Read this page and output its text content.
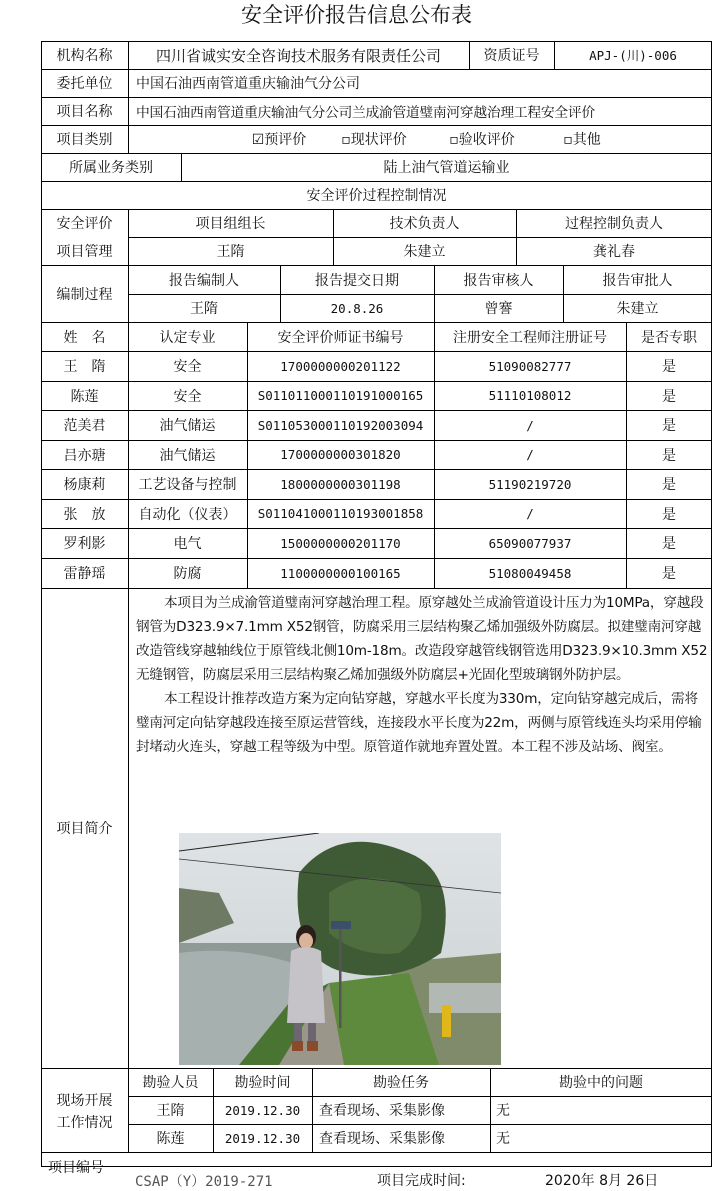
安全评价报告信息公布表
机构名称	四川省诚实安全咨询技术服务有限责任公司	资质证号	APJ-(川)-006
委托单位	中国石油西南管道重庆输油气分公司
项目名称	中国石油西南管道重庆输油气分公司兰成渝管道璧南河穿越治理工程安全评价
项目类别	☑预评价	▫现状评价	▫验收评价	▫其他
所属业务类别	陆上油气管道运输业
安全评价过程控制情况
安全评价
项目管理
项目组组长	技术负责人	过程控制负责人
王隋	朱建立	龚礼春
编制过程
报告编制人	报告提交日期	报告审核人	报告审批人
王隋	20.8.26	曾謇	朱建立
姓　名	认定专业	安全评价师证书编号	注册安全工程师注册证号	是否专职
王　隋	安全	1700000000201122	51090082777	是
陈莲	安全	S011011000110191000165	51110108012	是
范美君	油气储运	S011053000110192003094	/	是
吕亦瑭	油气储运	1700000000301820	/	是
杨康莉	工艺设备与控制	1800000000301198	51190219720	是
张　放	自动化（仪表）	S011041000110193001858	/	是
罗利影	电气	1500000000201170	65090077937	是
雷静瑶	防腐	1100000000100165	51080049458	是
项目简介

本项目为兰成渝管道璧南河穿越治理工程。原穿越处兰成渝管道设计压力为10MPa，穿越段钢管为D323.9×7.1mm X52钢管，防腐采用三层结构聚乙烯加强级外防腐层。拟建璧南河穿越改造管线穿越轴线位于原管线北侧10m-18m。改造段穿越管线钢管选用D323.9×10.3mm X52无缝钢管，防腐层采用三层结构聚乙烯加强级外防腐层+光固化型玻璃钢外防护层。

本工程设计推荐改造方案为定向钻穿越，穿越水平长度为330m，定向钻穿越完成后，需将璧南河定向钻穿越段连接至原运营管线，连接段水平长度为22m，两侧与原管线连头均采用停输封堵动火连头，穿越工程等级为中型。原管道作就地弃置处置。本工程不涉及站场、阀室。

现场开展
工作情况
勘验人员	勘验时间	勘验任务	勘验中的问题
王隋	2019.12.30	查看现场、采集影像	无
陈莲	2019.12.30	查看现场、采集影像	无
项目编号
CSAP（Y）2019-271	项目完成时间:	2020年 8月 26日
